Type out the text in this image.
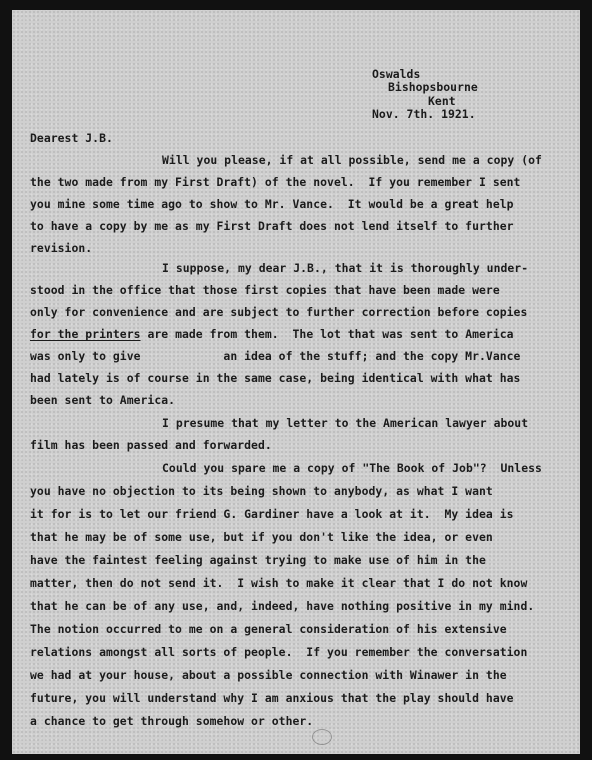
Oswalds
Bishopsbourne
Kent
Nov. 7th. 1921.
Dearest J.B.
Will you please, if at all possible, send me a copy (of
the two made from my First Draft) of the novel.  If you remember I sent
you mine some time ago to show to Mr. Vance.  It would be a great help
to have a copy by me as my First Draft does not lend itself to further
revision.
I suppose, my dear J.B., that it is thoroughly under-
stood in the office that those first copies that have been made were
only for convenience and are subject to further correction before copies
for the printers are made from them.  The lot that was sent to America
was only to give            an idea of the stuff; and the copy Mr.Vance
had lately is of course in the same case, being identical with what has
been sent to America.
I presume that my letter to the American lawyer about
film has been passed and forwarded.
Could you spare me a copy of "The Book of Job"?  Unless
you have no objection to its being shown to anybody, as what I want
it for is to let our friend G. Gardiner have a look at it.  My idea is
that he may be of some use, but if you don't like the idea, or even
have the faintest feeling against trying to make use of him in the
matter, then do not send it.  I wish to make it clear that I do not know
that he can be of any use, and, indeed, have nothing positive in my mind.
The notion occurred to me on a general consideration of his extensive
relations amongst all sorts of people.  If you remember the conversation
we had at your house, about a possible connection with Winawer in the
future, you will understand why I am anxious that the play should have
a chance to get through somehow or other.
